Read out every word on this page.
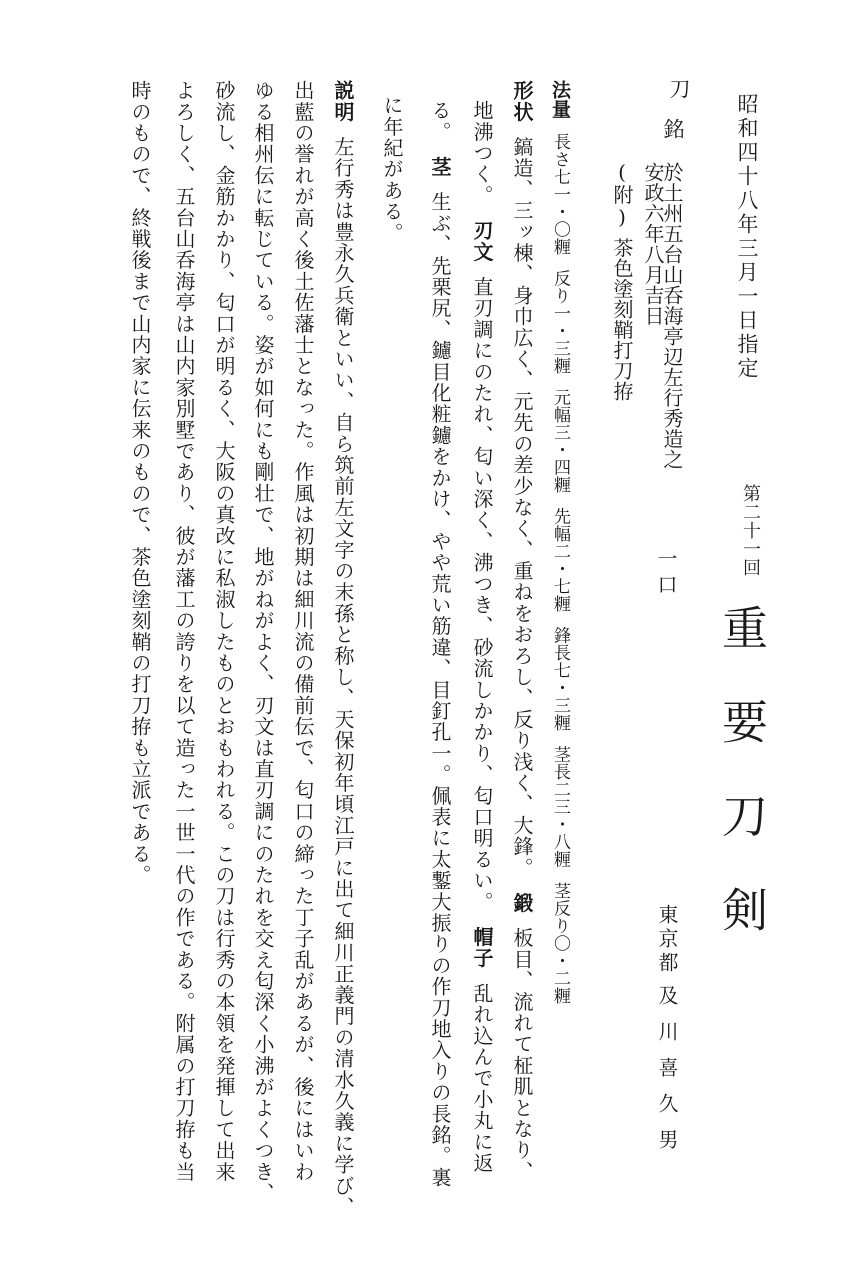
昭和四十八年三月一日指定
第二十一回
重要刀剣
東京都
及川喜久男
刀
銘
於土州五台山呑海亭辺左行秀造之
安政六年八月吉日
(附)茶色塗刻鞘打刀拵
一口
法量長さ七一・〇糎反り一・三糎元幅三・四糎先幅二・七糎鋒長七・三糎茎長二三・八糎茎反り〇・二糎
形状鎬造、三ッ棟、身巾広く、元先の差少なく、重ねをおろし、反り浅く、大鋒。鍛板目、流れて柾肌となり、
地沸つく。刃文直刃調にのたれ、匂い深く、沸つき、砂流しかかり、匂口明るい。帽子乱れ込んで小丸に返
る。茎生ぶ、先栗尻、鑢目化粧鑢をかけ、やや荒い筋違、目釘孔一。佩表に太鏨大振りの作刀地入りの長銘。裏
に年紀がある。
説明左行秀は豊永久兵衛といい、自ら筑前左文字の末孫と称し、天保初年頃江戸に出て細川正義門の清水久義に学び、
出藍の誉れが高く後土佐藩士となった。作風は初期は細川流の備前伝で、匂口の締った丁子乱があるが、後にはいわ
ゆる相州伝に転じている。姿が如何にも剛壮で、地がねがよく、刃文は直刃調にのたれを交え匂深く小沸がよくつき、
砂流し、金筋かかり、匂口が明るく、大阪の真改に私淑したものとおもわれる。この刀は行秀の本領を発揮して出来
よろしく、五台山呑海亭は山内家別墅であり、彼が藩工の誇りを以て造った一世一代の作である。附属の打刀拵も当
時のもので、終戦後まで山内家に伝来のもので、茶色塗刻鞘の打刀拵も立派である。
